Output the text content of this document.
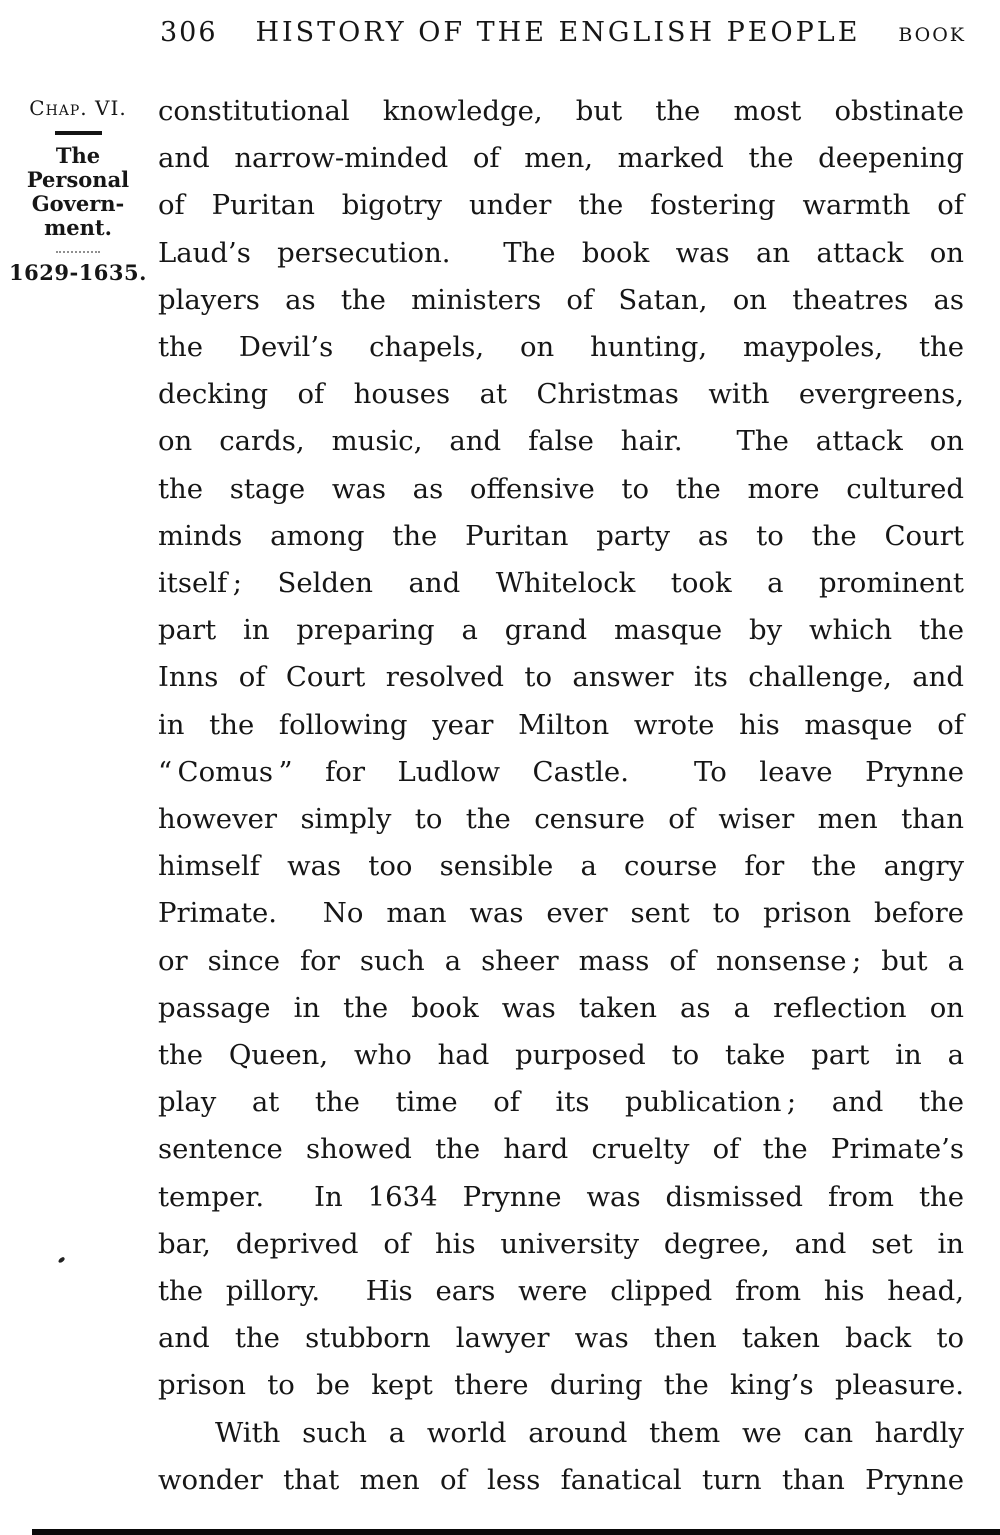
306	HISTORY OF THE ENGLISH PEOPLE	BOOK
Chap. VI.
The
Personal
Govern-
ment.
1629-1635.
constitutional knowledge, but the most obstinate
and narrow-minded of men, marked the deepening
of Puritan bigotry under the fostering warmth of
Laud’s persecution.  The book was an attack on
players as the ministers of Satan, on theatres as
the Devil’s chapels, on hunting, maypoles, the
decking of houses at Christmas with evergreens,
on cards, music, and false hair.  The attack on
the stage was as offensive to the more cultured
minds among the Puritan party as to the Court
itself ; Selden and Whitelock took a prominent
part in preparing a grand masque by which the
Inns of Court resolved to answer its challenge, and
in the following year Milton wrote his masque of
“ Comus ” for Ludlow Castle.  To leave Prynne
however simply to the censure of wiser men than
himself was too sensible a course for the angry
Primate.  No man was ever sent to prison before
or since for such a sheer mass of nonsense ; but a
passage in the book was taken as a reflection on
the Queen, who had purposed to take part in a
play at the time of its publication ; and the
sentence showed the hard cruelty of the Primate’s
temper.  In 1634 Prynne was dismissed from the
bar, deprived of his university degree, and set in
the pillory.  His ears were clipped from his head,
and the stubborn lawyer was then taken back to
prison to be kept there during the king’s pleasure.
With such a world around them we can hardly
wonder that men of less fanatical turn than Prynne
